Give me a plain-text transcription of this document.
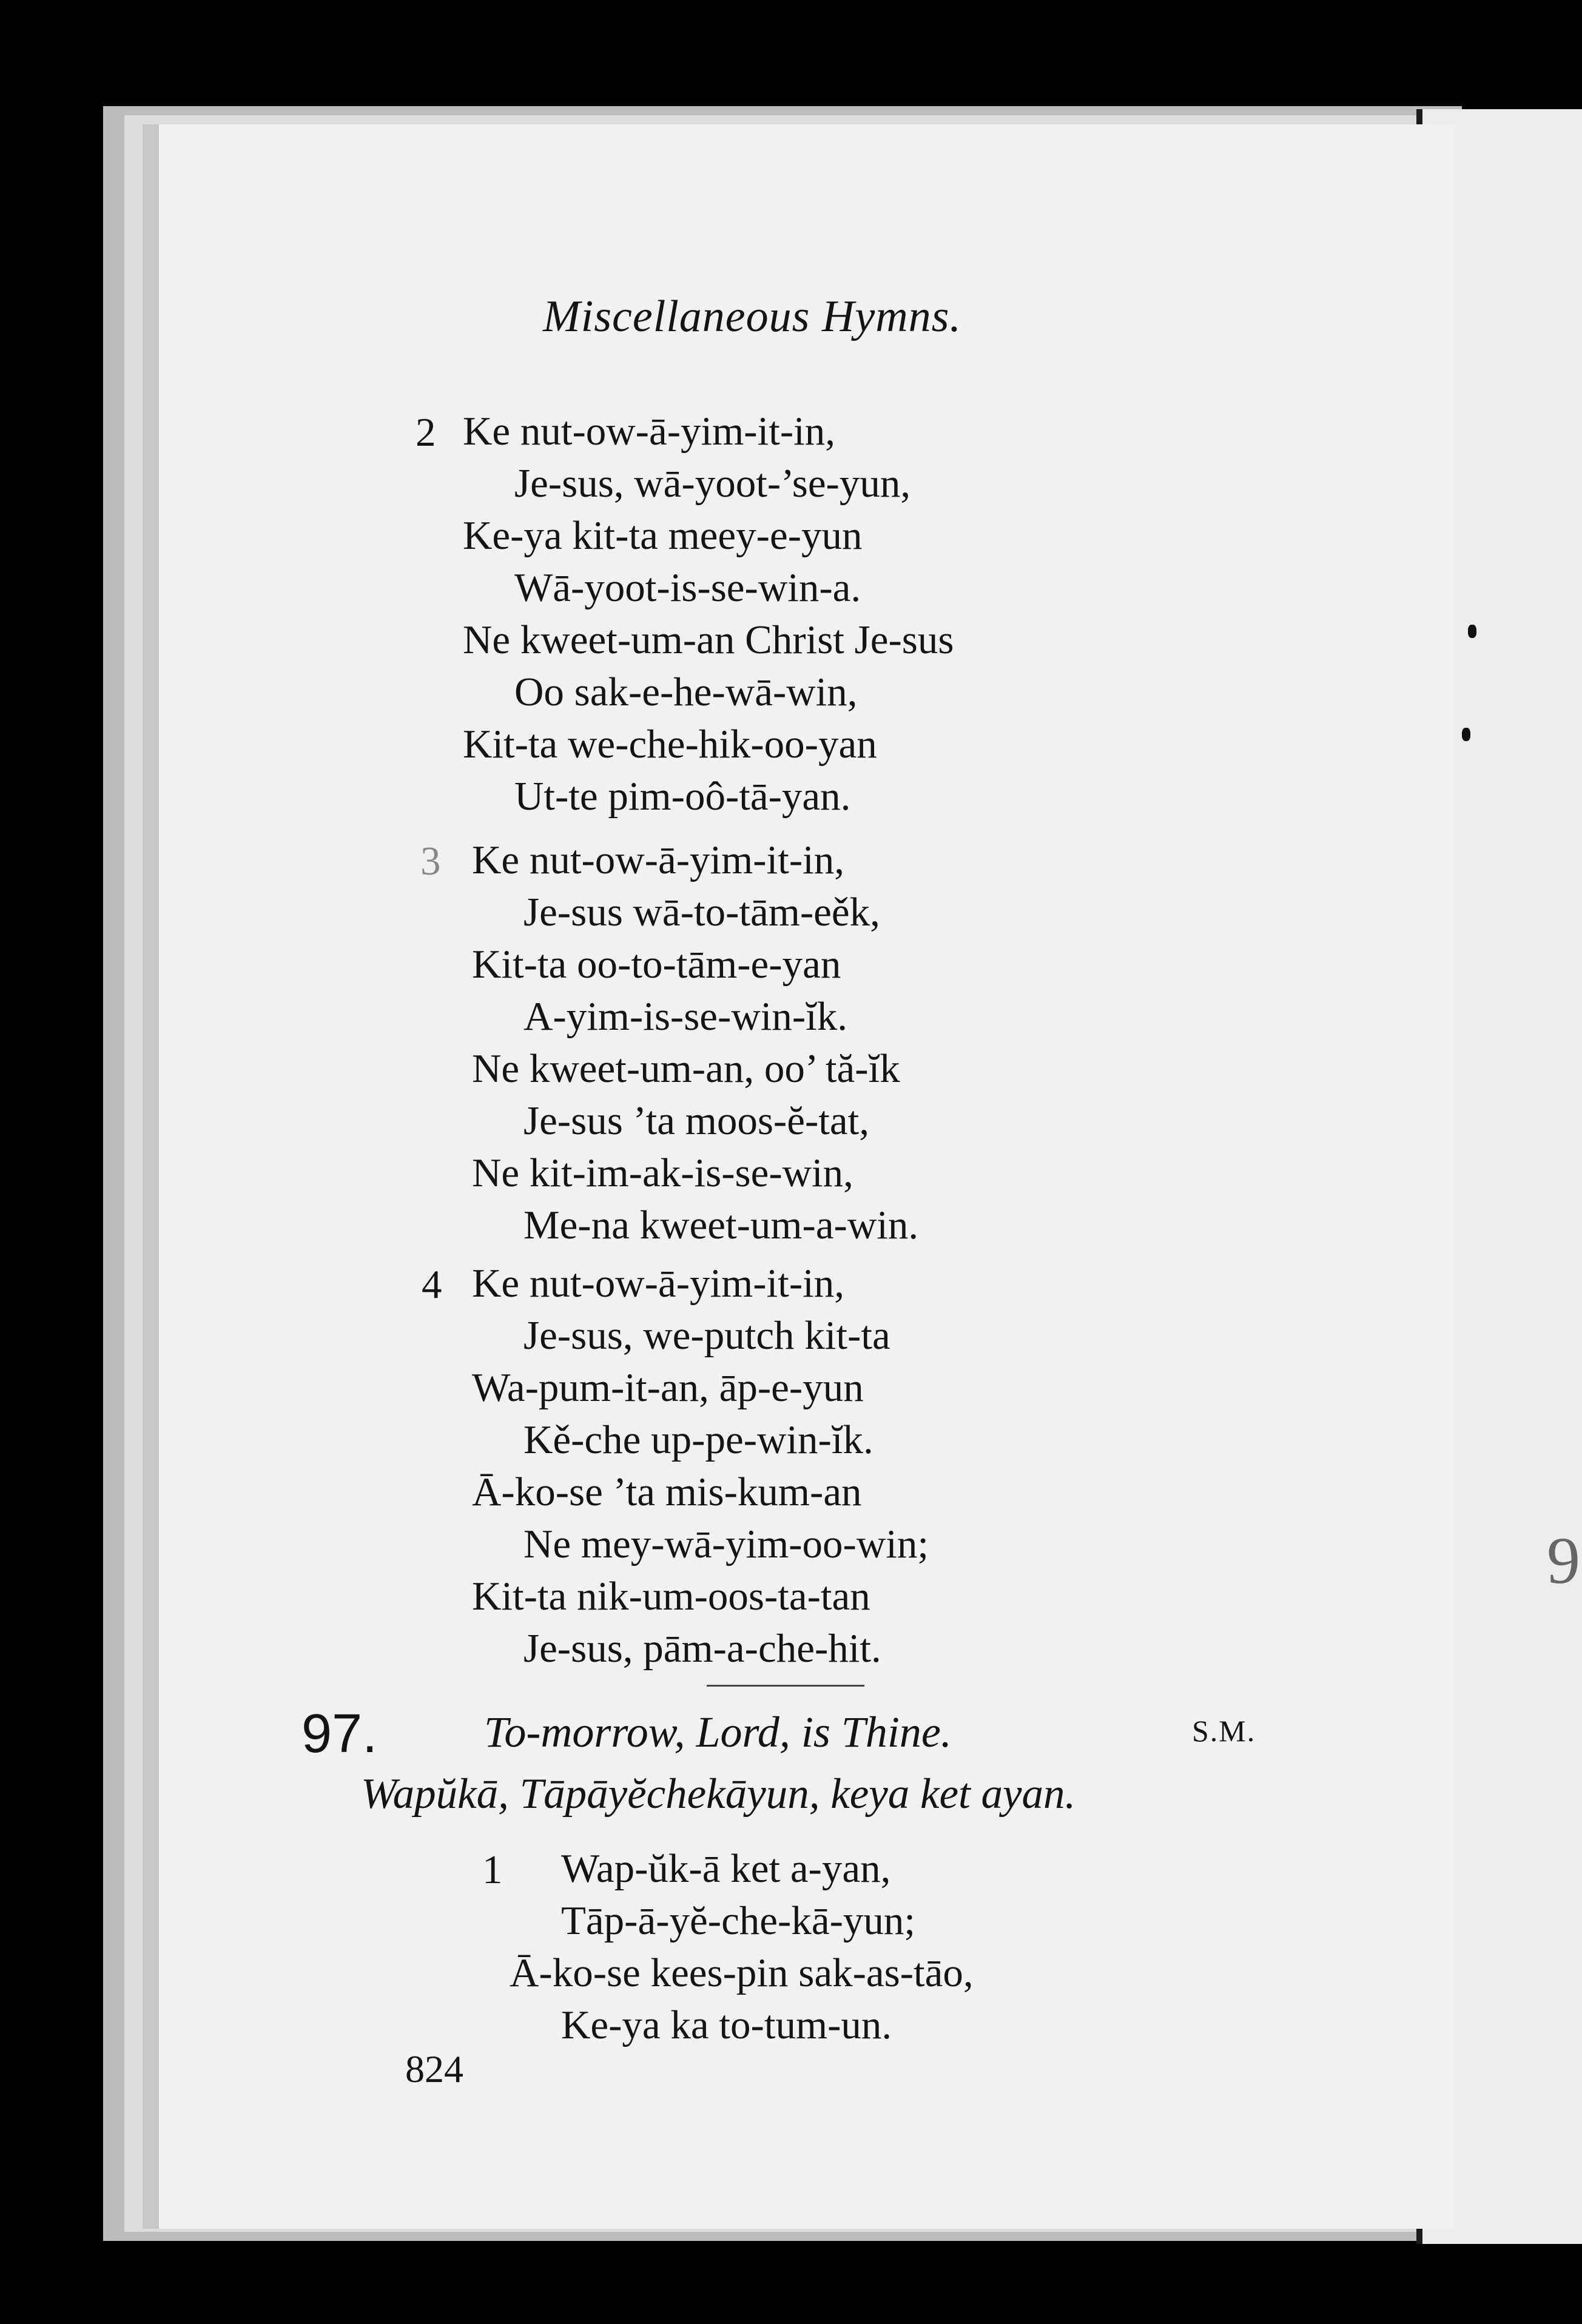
9
Miscellaneous Hymns.
2 Ke nut-ow-ā-yim-it-in,
Je-sus, wā-yoot-’se-yun,
Ke-ya kit-ta meey-e-yun
Wā-yoot-is-se-win-a.
Ne kweet-um-an Christ Je-sus
Oo sak-e-he-wā-win,
Kit-ta we-che-hik-oo-yan
Ut-te pim-oô-tā-yan.
3 Ke nut-ow-ā-yim-it-in,
Je-sus wā-to-tām-eěk,
Kit-ta oo-to-tām-e-yan
A-yim-is-se-win-ĭk.
Ne kweet-um-an, oo’ tă-ĭk
Je-sus ’ta moos-ĕ-tat,
Ne kit-im-ak-is-se-win,
Me-na kweet-um-a-win.
4 Ke nut-ow-ā-yim-it-in,
Je-sus, we-putch kit-ta
Wa-pum-it-an, āp-e-yun
Kě-che up-pe-win-ĭk.
Ā-ko-se ’ta mis-kum-an
Ne mey-wā-yim-oo-win;
Kit-ta nik-um-oos-ta-tan
Je-sus, pām-a-che-hit.
97. To-morrow, Lord, is Thine.	S.M.
Wapŭkā, Tāpāyĕchekāyun, keya ket ayan.
1	Wap-ŭk-ā ket a-yan,
Tāp-ā-yĕ-che-kā-yun;
Ā-ko-se kees-pin sak-as-tāo,
Ke-ya ka to-tum-un.
824
